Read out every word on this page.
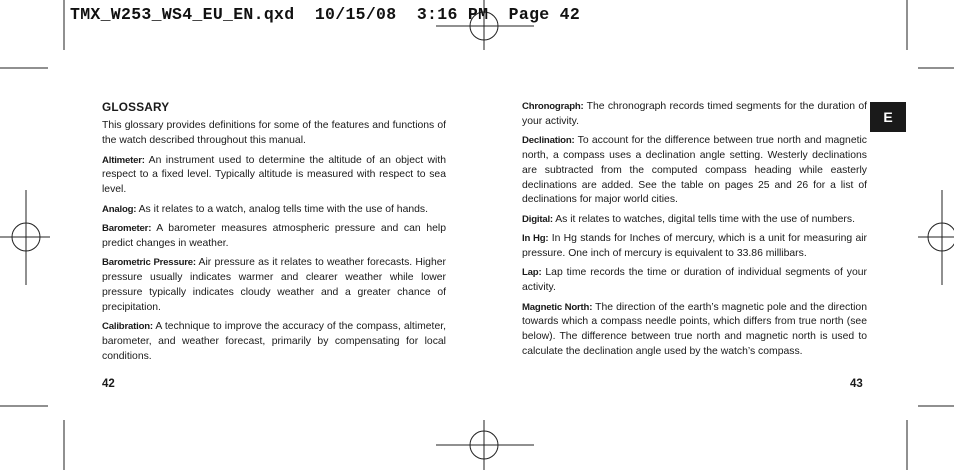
TMX_W253_WS4_EU_EN.qxd  10/15/08  3:16 PM  Page 42

GLOSSARY

This glossary provides definitions for some of the features and functions of the watch described throughout this manual.

Altimeter: An instrument used to determine the altitude of an object with respect to a fixed level. Typically altitude is measured with respect to sea level.

Analog: As it relates to a watch, analog tells time with the use of hands.

Barometer: A barometer measures atmospheric pressure and can help predict changes in weather.

Barometric Pressure: Air pressure as it relates to weather forecasts. Higher pressure usually indicates warmer and clearer weather while lower pressure typically indicates cloudy weather and a greater chance of precipitation.

Calibration: A technique to improve the accuracy of the compass, altimeter, barometer, and weather forecast, primarily by compensating for local conditions.

Chronograph: The chronograph records timed segments for the duration of your activity.

Declination: To account for the difference between true north and magnetic north, a compass uses a declination angle setting. Westerly declinations are subtracted from the computed compass heading while easterly declinations are added. See the table on pages 25 and 26 for a list of declinations for major world cities.

Digital: As it relates to watches, digital tells time with the use of numbers.

In Hg: In Hg stands for Inches of mercury, which is a unit for measuring air pressure. One inch of mercury is equivalent to 33.86 millibars.

Lap: Lap time records the time or duration of individual segments of your activity.

Magnetic North: The direction of the earth’s magnetic pole and the direction towards which a compass needle points, which differs from true north (see below). The difference between true north and magnetic north is used to calculate the declination angle used by the watch’s compass.

E
42	43
